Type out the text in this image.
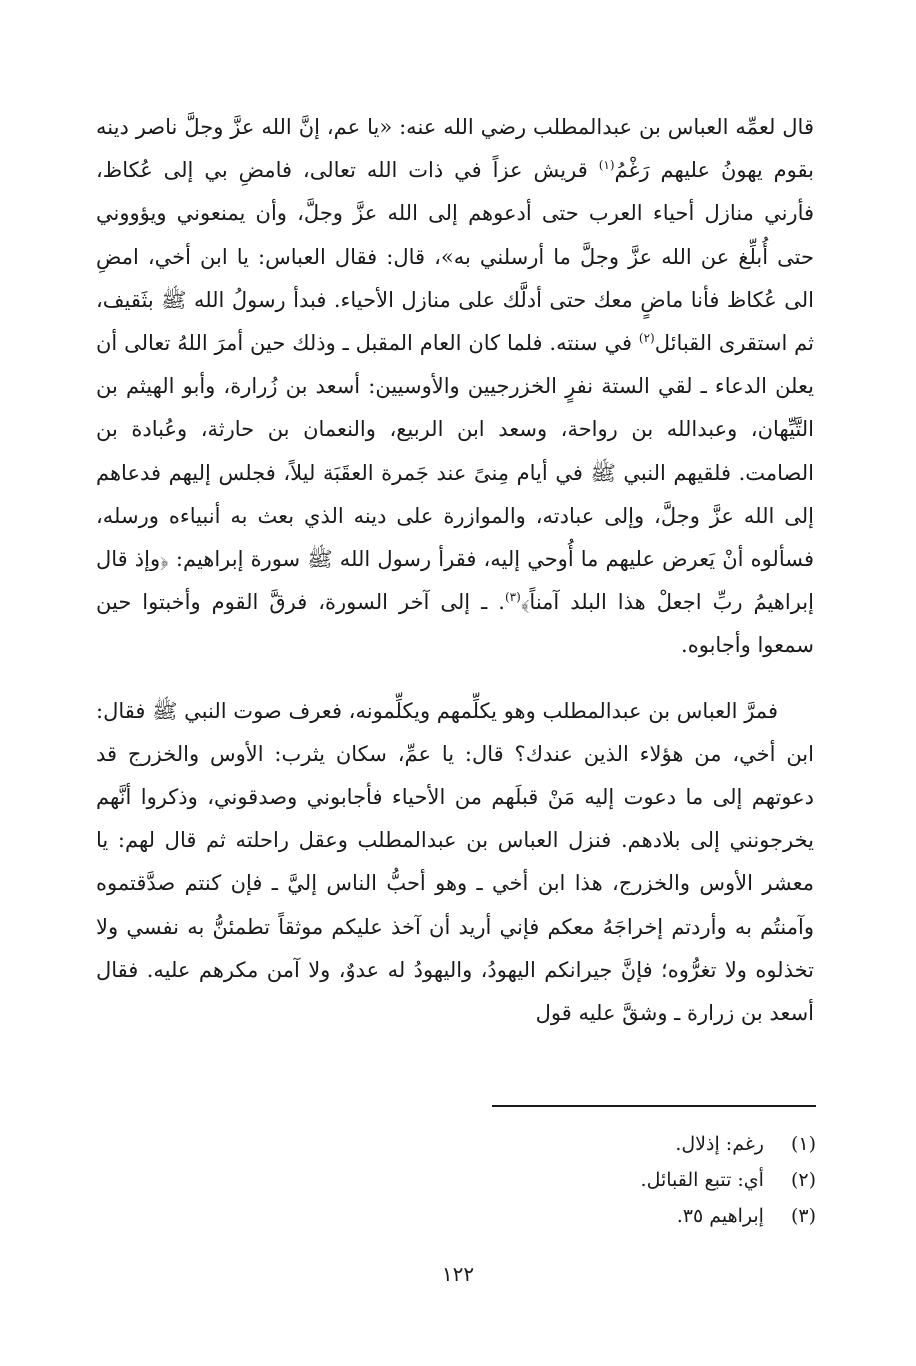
قال لعمِّه العباس بن عبدالمطلب رضي الله عنه: «يا عم، إنَّ الله عزَّ وجلَّ ناصر دينه بقوم يهونُ عليهم رَغْمُ$^{(١)}$ قريش عزاً في ذات الله تعالى، فامضِ بي إلى عُكاظ، فأرني منازل أحياء العرب حتى أدعوهم إلى الله عزَّ وجلَّ، وأن يمنعوني ويؤووني حتى أُبلِّغ عن الله عزَّ وجلَّ ما أرسلني به»، قال: فقال العباس: يا ابن أخي، امضِ الى عُكاظ فأنا ماضٍ معك حتى أدلَّك على منازل الأحياء. فبدأ رسولُ الله ﷺ بثَقيف، ثم استقرى القبائل$^{(٢)}$ في سنته. فلما كان العام المقبل ـ وذلك حين أمرَ اللهُ تعالى أن يعلن الدعاء ـ لقي الستة نفرٍ الخزرجيين والأوسيين: أسعد بن زُرارة، وأبو الهيثم بن التَّيِّهان، وعبدالله بن رواحة، وسعد ابن الربيع، والنعمان بن حارثة، وعُبادة بن الصامت. فلقيهم النبي ﷺ في أيام مِنىً عند جَمرة العقَبَة ليلاً، فجلس إليهم فدعاهم إلى الله عزَّ وجلَّ، وإلى عبادته، والموازرة على دينه الذي بعث به أنبياءه ورسله، فسألوه أنْ يَعرض عليهم ما أُوحي إليه، فقرأ رسول الله ﷺ سورة إبراهيم: ﴿وإذ قال إبراهيمُ ربِّ اجعلْ هذا البلد آمناً﴾$^{(٣)}$. ـ إلى آخر السورة، فرقَّ القوم وأخبتوا حين سمعوا وأجابوه.

فمرَّ العباس بن عبدالمطلب وهو يكلِّمهم ويكلِّمونه، فعرف صوت النبي ﷺ فقال: ابن أخي، من هؤلاء الذين عندك؟ قال: يا عمِّ، سكان يثرب: الأوس والخزرج قد دعوتهم إلى ما دعوت إليه مَنْ قبلَهم من الأحياء فأجابوني وصدقوني، وذكروا أنَّهم يخرجونني إلى بلادهم. فنزل العباس بن عبدالمطلب وعقل راحلته ثم قال لهم: يا معشر الأوس والخزرج، هذا ابن أخي ـ وهو أحبُّ الناس إليَّ ـ فإن كنتم صدَّقتموه وآمنتُم به وأردتم إخراجَهُ معكم فإني أريد أن آخذ عليكم موثقاً تطمئنُّ به نفسي ولا تخذلوه ولا تغرُّوه؛ فإنَّ جيرانكم اليهودُ، واليهودُ له عدوٌ، ولا آمن مكرهم عليه. فقال أسعد بن زرارة ـ وشقَّ عليه قول

(١) رغم: إذلال.
(٢) أي: تتبع القبائل.
(٣) إبراهيم ٣٥.
١٢٢
